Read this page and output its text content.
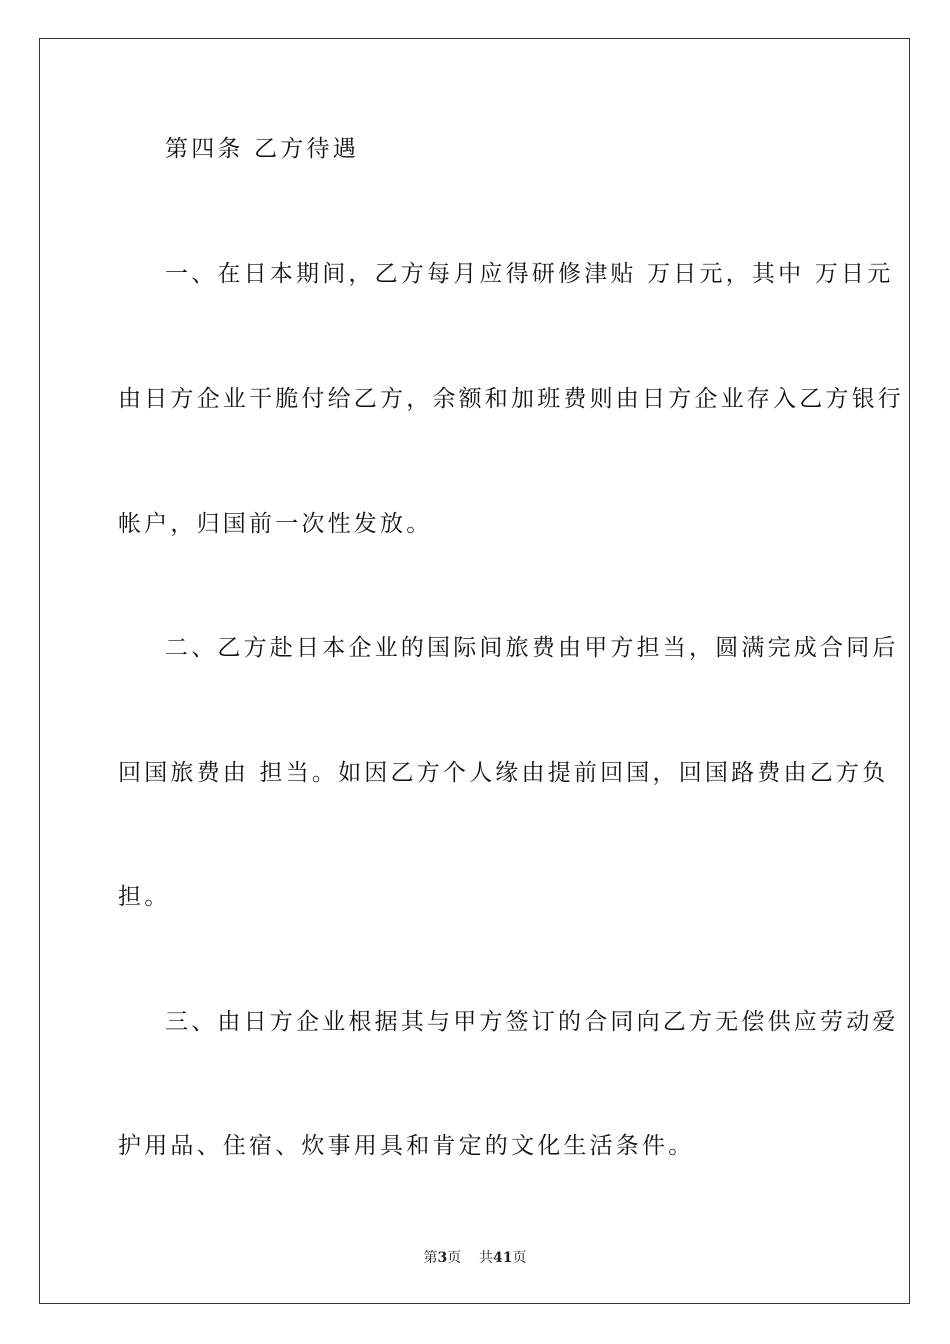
第四条 乙方待遇
一、在日本期间，乙方每月应得研修津贴 万日元，其中 万日元
由日方企业干脆付给乙方，余额和加班费则由日方企业存入乙方银行
帐户，归国前一次性发放。
二、乙方赴日本企业的国际间旅费由甲方担当，圆满完成合同后
回国旅费由 担当。如因乙方个人缘由提前回国，回国路费由乙方负
担。
三、由日方企业根据其与甲方签订的合同向乙方无偿供应劳动爱
护用品、住宿、炊事用具和肯定的文化生活条件。
第3页 共41页
